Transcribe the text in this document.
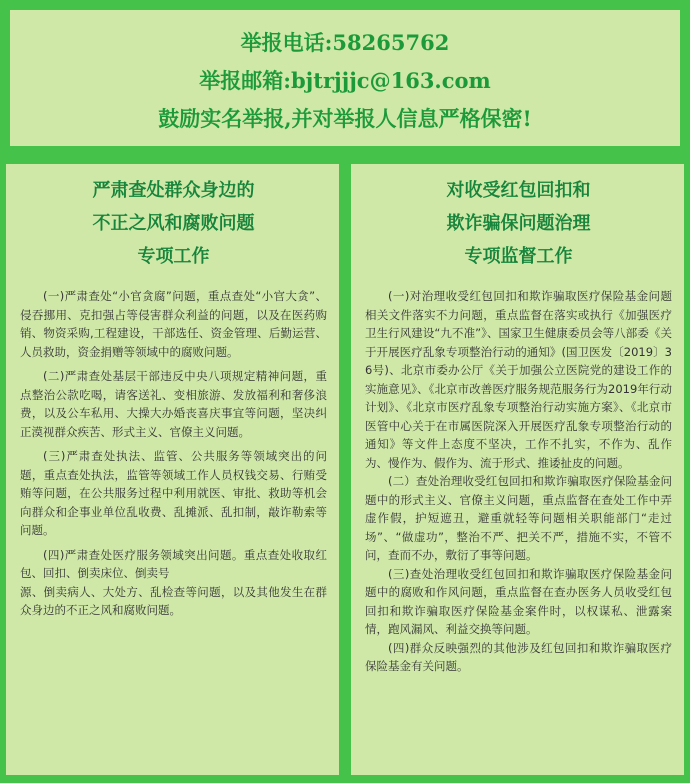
举报电话:58265762
举报邮箱:bjtrjjjc@163.com
鼓励实名举报,并对举报人信息严格保密!
严肃查处群众身边的
不正之风和腐败问题
专项工作

(一)严肃查处“小官贪腐”问题，重点查处“小官大贪”、侵吞挪用、克扣强占等侵害群众利益的问题，以及在医药购销、物资采购,工程建设，干部选任、资金管理、后勤运营、人员救助，资金捐赠等领域中的腐败问题。

(二)严肃查处基层干部违反中央八项规定精神问题，重点整治公款吃喝，请客送礼、变相旅游、发放福利和奢侈浪费，以及公车私用、大操大办婚丧喜庆事宜等问题，坚决纠正漠视群众疾苦、形式主义、官僚主义问题。

(三)严肃查处执法、监管、公共服务等领域突出的问题，重点查处执法，监管等领域工作人员权钱交易、行贿受贿等问题，在公共服务过程中利用就医、审批、救助等机会向群众和企事业单位乱收费、乱摊派、乱扣制，敲诈勒索等问题。

(四)严肃查处医疗服务领域突出问题。重点查处收取红包、回扣、倒卖床位、倒卖号

源、倒卖病人、大处方、乱检查等问题，以及其他发生在群众身边的不正之风和腐败问题。

对收受红包回扣和
欺诈骗保问题治理
专项监督工作

(一)对治理收受红包回扣和欺诈骗取医疗保险基金问题相关文件落实不力问题，重点监督在落实或执行《加强医疗卫生行风建设“九不准”》、国家卫生健康委员会等八部委《关于开展医疗乱象专项整治行动的通知》(国卫医发〔2019〕36号)、北京市委办公厅《关于加强公立医院党的建设工作的实施意见》、《北京市改善医疗服务规范服务行为2019年行动计划》、《北京市医疗乱象专项整治行动实施方案》、《北京市医管中心关于在市属医院深入开展医疗乱象专项整治行动的通知》等文件上态度不坚决，工作不扎实，不作为、乱作为、慢作为、假作为、流于形式、推诿扯皮的问题。

(二）查处治理收受红包回扣和欺诈骗取医疗保险基金问题中的形式主义、官僚主义问题，重点监督在查处工作中弄虚作假，护短遮丑，避重就轻等问题相关职能部门“走过场”、“做虚功”，整治不严、把关不严，措施不实，不管不问，查而不办，敷衍了事等问题。

(三)查处治理收受红包回扣和欺诈骗取医疗保险基金问题中的腐败和作风问题，重点监督在查办医务人员收受红包回扣和欺诈骗取医疗保险基金案件时，以权谋私、泄露案情，跑风漏风、利益交换等问题。

(四)群众反映强烈的其他涉及红包回扣和欺诈骗取医疗保险基金有关问题。
